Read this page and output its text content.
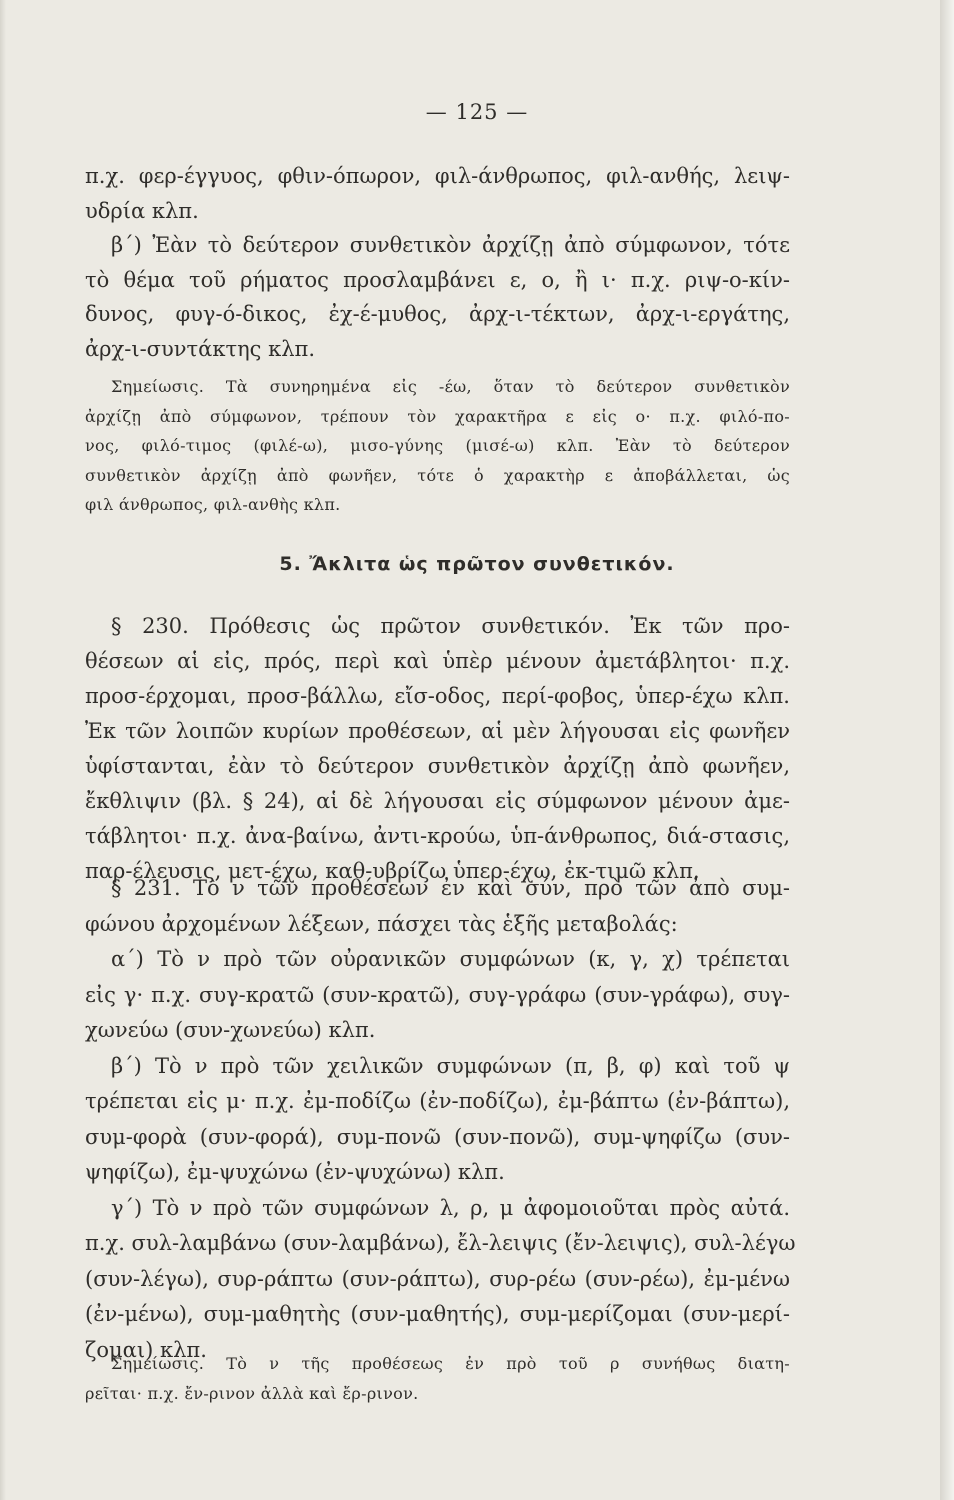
— 125 —
π.χ. φερ-έγγυος, φθιν-όπωρον, φιλ-άνθρωπος, φιλ-ανθής, λειψ-
υδρία κλπ.
β΄) Ἐὰν τὸ δεύτερον συνθετικὸν ἀρχίζῃ ἀπὸ σύμφωνον, τότε
τὸ θέμα τοῦ ρήματος προσλαμβάνει ε, ο, ἢ ι· π.χ. ριψ-ο-κίν-
δυνος, φυγ-ό-δικος, ἐχ-έ-μυθος, ἀρχ-ι-τέκτων, ἀρχ-ι-εργάτης,
ἀρχ-ι-συντάκτης κλπ.
Σημείωσις. Τὰ συνηρημένα εἰς -έω, ὅταν τὸ δεύτερον συνθετικὸν
ἀρχίζῃ ἀπὸ σύμφωνον, τρέπουν τὸν χαρακτῆρα ε εἰς ο· π.χ. φιλό-πο-
νος, φιλό-τιμος (φιλέ-ω), μισο-γύνης (μισέ-ω) κλπ. Ἐὰν τὸ δεύτερον
συνθετικὸν ἀρχίζῃ ἀπὸ φωνῆεν, τότε ὁ χαρακτὴρ ε ἀποβάλλεται, ὡς
φιλ άνθρωπος, φιλ-ανθὴς κλπ.
5. Ἄκλιτα ὡς πρῶτον συνθετικόν.
§ 230. Πρόθεσις ὡς πρῶτον συνθετικόν. Ἐκ τῶν προ-
θέσεων αἱ εἰς, πρός, περὶ καὶ ὑπὲρ μένουν ἀμετάβλητοι· π.χ.
προσ-έρχομαι, προσ-βάλλω, εἴσ-οδος, περί-φοβος, ὑπερ-έχω κλπ.
Ἐκ τῶν λοιπῶν κυρίων προθέσεων, αἱ μὲν λήγουσαι εἰς φωνῆεν
ὑφίστανται, ἐὰν τὸ δεύτερον συνθετικὸν ἀρχίζῃ ἀπὸ φωνῆεν,
ἔκθλιψιν (βλ. § 24), αἱ δὲ λήγουσαι εἰς σύμφωνον μένουν ἀμε-
τάβλητοι· π.χ. ἀνα-βαίνω, ἀντι-κρούω, ὑπ-άνθρωπος, διά-στασις,
παρ-έλευσις, μετ-έχω, καθ-υβρίζω ὑπερ-έχω, ἐκ-τιμῶ κλπ.
§ 231. Τὸ ν τῶν προθέσεων ἐν καὶ σύν, πρὸ τῶν ἀπὸ συμ-
φώνου ἀρχομένων λέξεων, πάσχει τὰς ἑξῆς μεταβολάς:
α΄) Τὸ ν πρὸ τῶν οὐρανικῶν συμφώνων (κ, γ, χ) τρέπεται
εἰς γ· π.χ. συγ-κρατῶ (συν-κρατῶ), συγ-γράφω (συν-γράφω), συγ-
χωνεύω (συν-χωνεύω) κλπ.
β΄) Τὸ ν πρὸ τῶν χειλικῶν συμφώνων (π, β, φ) καὶ τοῦ ψ
τρέπεται εἰς μ· π.χ. ἐμ-ποδίζω (ἐν-ποδίζω), ἐμ-βάπτω (ἐν-βάπτω),
συμ-φορὰ (συν-φορά), συμ-πονῶ (συν-πονῶ), συμ-ψηφίζω (συν-
ψηφίζω), ἐμ-ψυχώνω (ἐν-ψυχώνω) κλπ.
γ΄) Τὸ ν πρὸ τῶν συμφώνων λ, ρ, μ ἀφομοιοῦται πρὸς αὐτά.
π.χ. συλ-λαμβάνω (συν-λαμβάνω), ἔλ-λειψις (ἔν-λειψις), συλ-λέγω
(συν-λέγω), συρ-ράπτω (συν-ράπτω), συρ-ρέω (συν-ρέω), ἐμ-μένω
(ἐν-μένω), συμ-μαθητὴς (συν-μαθητής), συμ-μερίζομαι (συν-μερί-
ζομαι) κλπ.
Σημείωσις. Τὸ ν τῆς προθέσεως ἐν πρὸ τοῦ ρ συνήθως διατη-
ρεῖται· π.χ. ἔν-ρινον ἀλλὰ καὶ ἔρ-ρινον.
